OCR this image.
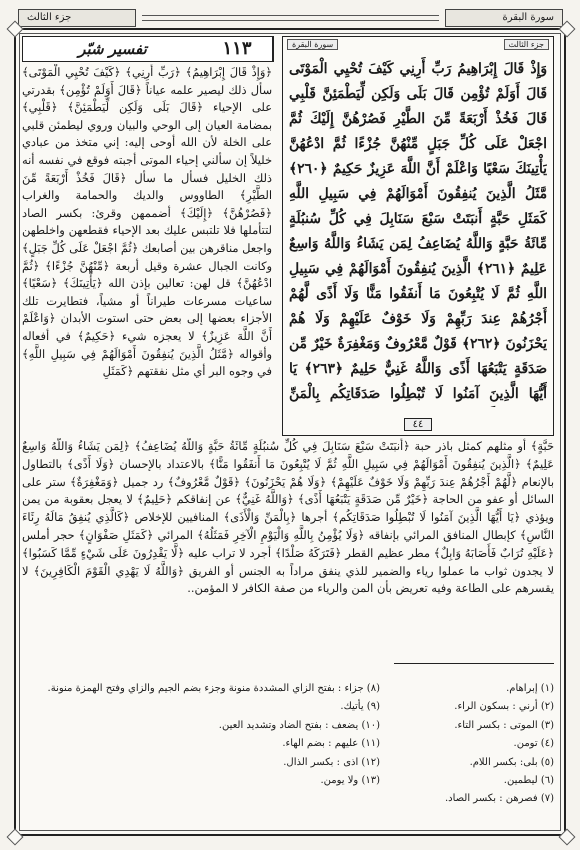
جزء الثالث	سورة البقرة
١١٣
تفسير شبّر

﴿وَإِذْ قَالَ إِبْرَاهِيمُ﴾ ﴿رَبِّ أَرِنِي﴾ ﴿كَيْفَ تُحْيِي الْمَوْتَى﴾ سأل ذلك ليصير علمه عياناً ﴿قَالَ أَوَلَمْ تُؤْمِن﴾ بقدرتي على الإحياء ﴿قَالَ بَلَى وَلَكِن لِّيَطْمَئِنَّ﴾ ﴿قَلْبِي﴾ بمضامة العيان إلى الوحي والبيان وروي ليطمئن قلبي على الخلة لأن الله أوحى إليه: إني متخذ من عبادي خليلاً إن سألني إحياء الموتى أجبته فوقع في نفسه أنه ذلك الخليل فسأل ما سأل ﴿قَالَ فَخُذْ أَرْبَعَةً مِّنَ الطَّيْرِ﴾ الطاووس والديك والحمامة والغراب ﴿فَصُرْهُنَّ﴾ ﴿إِلَيْكَ﴾ أضممهن وقرئ: بكسر الصاد لتتأملها فلا تلتبس عليك بعد الإحياء فقطعهن واخلطهن واجعل مناقرهن بين أصابعك ﴿ثُمَّ اجْعَلْ عَلَى كُلِّ جَبَلٍ﴾ وكانت الجبال عشرة وقيل أربعة ﴿مِّنْهُنَّ جُزْءًا﴾ ﴿ثُمَّ ادْعُهُنَّ﴾ قل لهن: تعالين بإذن الله ﴿يَأْتِينَكَ﴾ ﴿سَعْيًا﴾ ساعيات مسرعات طيراناً أو مشياً، فتطايرت تلك الأجزاء بعضها إلى بعض حتى استوت الأبدان ﴿وَاعْلَمْ أَنَّ اللَّهَ عَزِيزٌ﴾ لا يعجزه شيء ﴿حَكِيمٌ﴾ في أفعاله وأقواله ﴿مَّثَلُ الَّذِينَ يُنفِقُونَ أَمْوَالَهُمْ فِي سَبِيلِ اللَّهِ﴾ في وجوه البر أي مثل نفقتهم ﴿كَمَثَلِ

سورة البقرة	جزء الثالث
وَإِذْ قَالَ إِبْرَاهِيمُ رَبِّ أَرِنِي كَيْفَ تُحْيِي الْمَوْتَى قَالَ أَوَلَمْ تُؤْمِن قَالَ بَلَى وَلَكِن لِّيَطْمَئِنَّ قَلْبِي قَالَ فَخُذْ أَرْبَعَةً مِّنَ الطَّيْرِ فَصُرْهُنَّ إِلَيْكَ ثُمَّ اجْعَلْ عَلَى كُلِّ جَبَلٍ مِّنْهُنَّ جُزْءًا ثُمَّ ادْعُهُنَّ يَأْتِينَكَ سَعْيًا وَاعْلَمْ أَنَّ اللَّهَ عَزِيزٌ حَكِيمٌ ﴿٢٦٠﴾ مَّثَلُ الَّذِينَ يُنفِقُونَ أَمْوَالَهُمْ فِي سَبِيلِ اللَّهِ كَمَثَلِ حَبَّةٍ أَنبَتَتْ سَبْعَ سَنَابِلَ فِي كُلِّ سُنبُلَةٍ مِّائَةُ حَبَّةٍ وَاللَّهُ يُضَاعِفُ لِمَن يَشَاءُ وَاللَّهُ وَاسِعٌ عَلِيمٌ ﴿٢٦١﴾ الَّذِينَ يُنفِقُونَ أَمْوَالَهُمْ فِي سَبِيلِ اللَّهِ ثُمَّ لَا يُتْبِعُونَ مَا أَنفَقُوا مَنًّا وَلَا أَذًى لَّهُمْ أَجْرُهُمْ عِندَ رَبِّهِمْ وَلَا خَوْفٌ عَلَيْهِمْ وَلَا هُمْ يَحْزَنُونَ ﴿٢٦٢﴾ قَوْلٌ مَّعْرُوفٌ وَمَغْفِرَةٌ خَيْرٌ مِّن صَدَقَةٍ يَتْبَعُهَا أَذًى وَاللَّهُ غَنِيٌّ حَلِيمٌ ﴿٢٦٣﴾ يَا أَيُّهَا الَّذِينَ آمَنُوا لَا تُبْطِلُوا صَدَقَاتِكُم بِالْمَنِّ
٤٤

حَبَّةٍ﴾ أو مثلهم كمثل باذر حبة ﴿أَنبَتَتْ سَبْعَ سَنَابِلَ فِي كُلِّ سُنبُلَةٍ مِّائَةُ حَبَّةٍ وَاللَّهُ يُضَاعِفُ﴾ ﴿لِمَن يَشَاءُ وَاللَّهُ وَاسِعٌ عَلِيمٌ﴾ ﴿الَّذِينَ يُنفِقُونَ أَمْوَالَهُمْ فِي سَبِيلِ اللَّهِ ثُمَّ لَا يُتْبِعُونَ مَا أَنفَقُوا مَنًّا﴾ بالاعتداد بالإحسان ﴿وَلَا أَذًى﴾ بالتطاول بالإنعام ﴿لَّهُمْ أَجْرُهُمْ عِندَ رَبِّهِمْ وَلَا خَوْفٌ عَلَيْهِمْ﴾ ﴿وَلَا هُمْ يَحْزَنُونَ﴾ ﴿قَوْلٌ مَّعْرُوفٌ﴾ رد جميل ﴿وَمَغْفِرَةٌ﴾ ستر على السائل أو عفو من الحاجة ﴿خَيْرٌ مِّن صَدَقَةٍ يَتْبَعُهَا أَذًى﴾ ﴿وَاللَّهُ غَنِيٌّ﴾ عن إنفاقكم ﴿حَلِيمٌ﴾ لا يعجل بعقوبة من يمن ويؤذي ﴿يَا أَيُّهَا الَّذِينَ آمَنُوا لَا تُبْطِلُوا صَدَقَاتِكُم﴾ أجرها ﴿بِالْمَنِّ وَالْأَذَى﴾ المنافيين للإخلاص ﴿كَالَّذِي يُنفِقُ مَالَهُ رِئَاءَ النَّاسِ﴾ كإبطال المنافق المرائي بإنفاقه ﴿وَلَا يُؤْمِنُ بِاللَّهِ وَالْيَوْمِ الْآخِرِ فَمَثَلُهُ﴾ المرائي ﴿كَمَثَلِ صَفْوَانٍ﴾ حجر أملس ﴿عَلَيْهِ تُرَابٌ فَأَصَابَهُ وَابِلٌ﴾ مطر عظيم القطر ﴿فَتَرَكَهُ صَلْدًا﴾ أجرد لا تراب عليه ﴿لَّا يَقْدِرُونَ عَلَى شَيْءٍ مِّمَّا كَسَبُوا﴾ لا يجدون ثواب ما عملوا رياء والضمير للذي ينفق مراداً به الجنس أو الفريق ﴿وَاللَّهُ لَا يَهْدِي الْقَوْمَ الْكَافِرِينَ﴾ لا يقسرهم على الطاعة وفيه تعريض بأن المن والرياء من صفة الكافر لا المؤمن..

(١) إبراهام.
(٢) أرني : بسكون الراء.
(٣) الموتى : بكسر التاء.
(٤) تومن.
(٥) بلى: بكسر اللام.
(٦) ليطمين.
(٧) فصرهن : بكسر الصاد.
(٨) جزاء : بفتح الزاي المشددة منونة وجزء بضم الجيم والزاي وفتح الهمزة منونة.
(٩) يأتيك.
(١٠) يضعف : بفتح الضاد وتشديد العين.
(١١) عليهم : بضم الهاء.
(١٢) اذى : بكسر الذال.
(١٣) ولا يومن.
